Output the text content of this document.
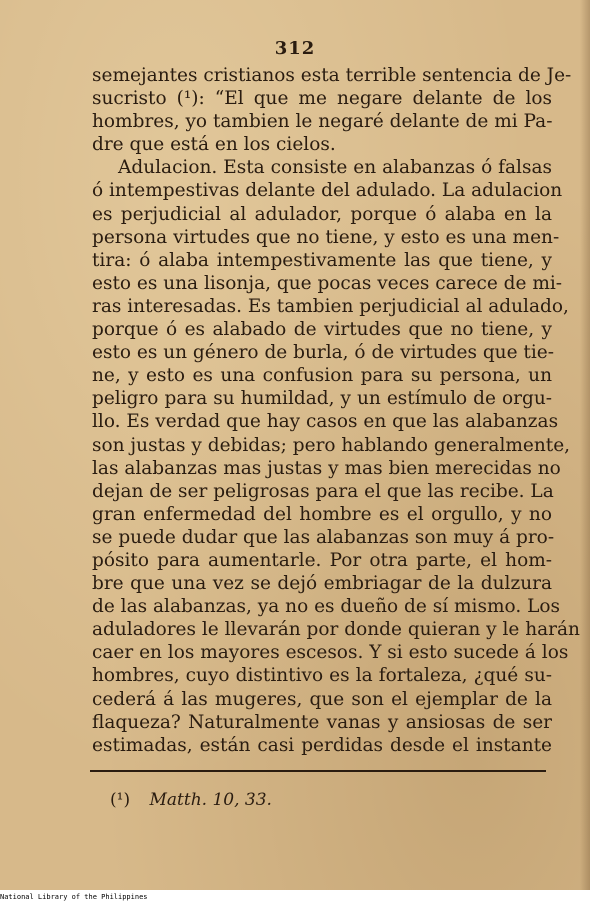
312
semejantes cristianos esta terrible sentencia de Je-
sucristo (¹): “El que me negare delante de los
hombres, yo tambien le negaré delante de mi Pa-
dre que está en los cielos.
Adulacion. Esta consiste en alabanzas ó falsas
ó intempestivas delante del adulado. La adulacion
es perjudicial al adulador, porque ó alaba en la
persona virtudes que no tiene, y esto es una men-
tira: ó alaba intempestivamente las que tiene, y
esto es una lisonja, que pocas veces carece de mi-
ras interesadas. Es tambien perjudicial al adulado,
porque ó es alabado de virtudes que no tiene, y
esto es un género de burla, ó de virtudes que tie-
ne, y esto es una confusion para su persona, un
peligro para su humildad, y un estímulo de orgu-
llo. Es verdad que hay casos en que las alabanzas
son justas y debidas; pero hablando generalmente,
las alabanzas mas justas y mas bien merecidas no
dejan de ser peligrosas para el que las recibe. La
gran enfermedad del hombre es el orgullo, y no
se puede dudar que las alabanzas son muy á pro-
pósito para aumentarle. Por otra parte, el hom-
bre que una vez se dejó embriagar de la dulzura
de las alabanzas, ya no es dueño de sí mismo. Los
aduladores le llevarán por donde quieran y le harán
caer en los mayores escesos. Y si esto sucede á los
hombres, cuyo distintivo es la fortaleza, ¿qué su-
cederá á las mugeres, que son el ejemplar de la
flaqueza? Naturalmente vanas y ansiosas de ser
estimadas, están casi perdidas desde el instante
(¹) Matth. 10, 33.
National Library of the Philippines
